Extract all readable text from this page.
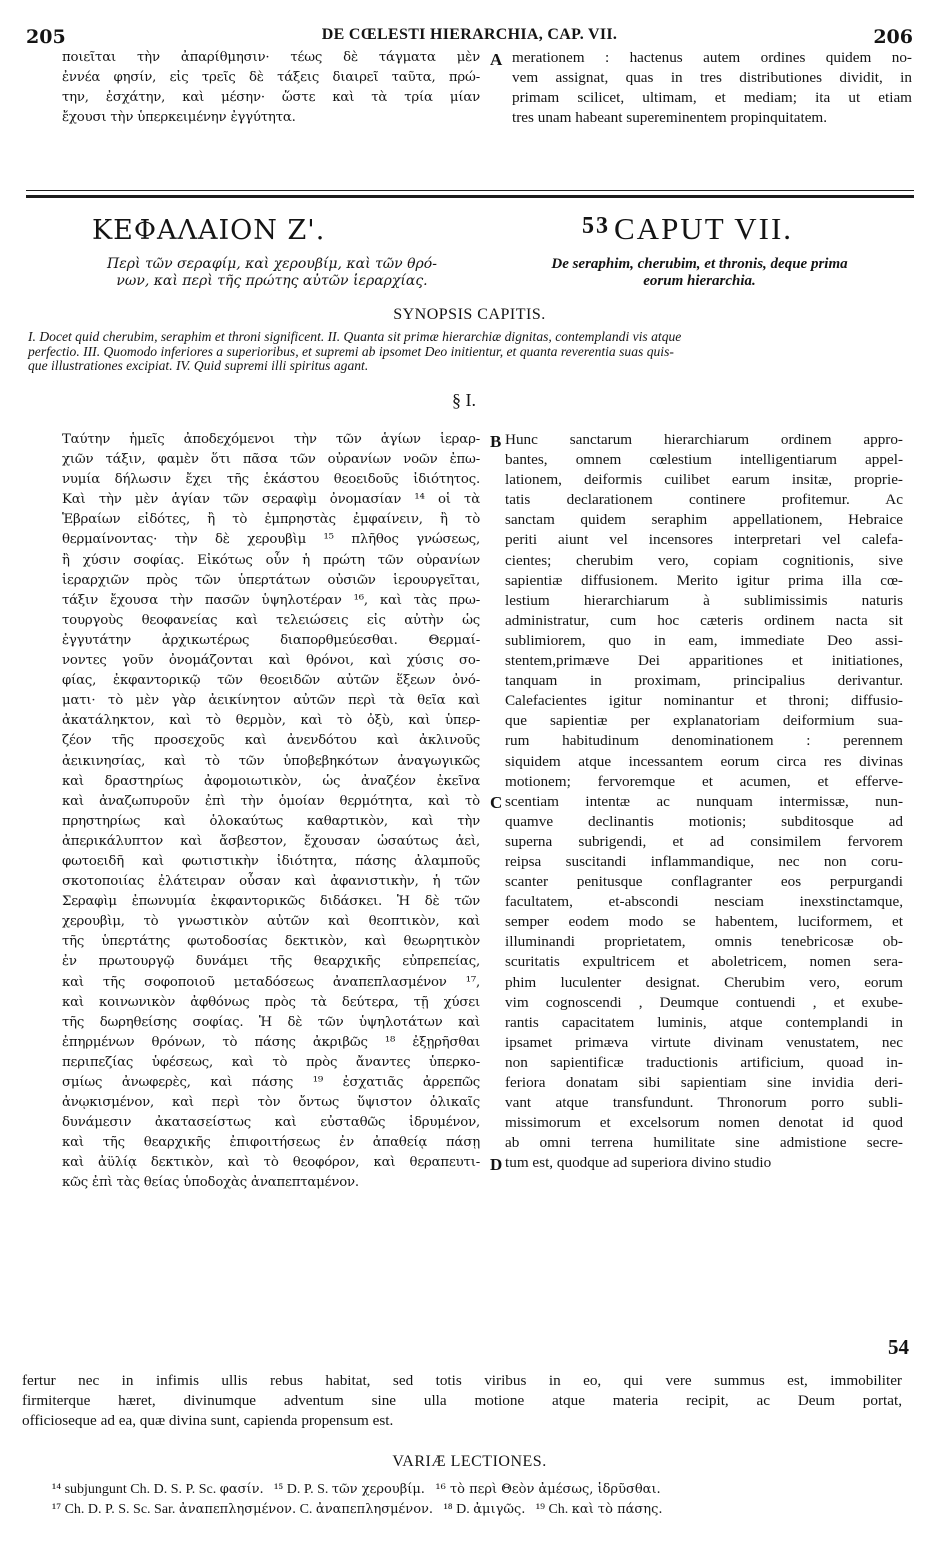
205	DE CŒLESTI HIERARCHIA, CAP. VII.	206
ποιεῖται τὴν ἀπαρίθμησιν· τέως δὲ τάγματα μὲν
ἐννέα φησίν, εἰς τρεῖς δὲ τάξεις διαιρεῖ ταῦτα, πρώ-
την, ἐσχάτην, καὶ μέσην· ὥστε καὶ τὰ τρία μίαν
ἔχουσι τὴν ὑπερκειμένην ἐγγύτητα.
A merationem : hactenus autem ordines quidem no-
vem assignat, quas in tres distributiones dividit, in
primam scilicet, ultimam, et mediam; ita ut etiam
tres unam habeant supereminentem propinquitatem.
ΚΕΦΑΛΑΙΟΝ Ζ'.	53 CAPUT VII.
Περὶ τῶν σεραφίμ, καὶ χερουβίμ, καὶ τῶν θρό-
νων, καὶ περὶ τῆς πρώτης αὐτῶν ἱεραρχίας.
De seraphim, cherubim, et thronis, deque prima
eorum hierarchia.
SYNOPSIS CAPITIS.
I. Docet quid cherubim, seraphim et throni significent. II. Quanta sit primæ hierarchiæ dignitas, contemplandi vis atque
perfectio. III. Quomodo inferiores a superioribus, et supremi ab ipsomet Deo initientur, et quanta reverentia suas quis-
que illustrationes excipiat. IV. Quid supremi illi spiritus agant.
§ I.
Ταύτην ἡμεῖς ἀποδεχόμενοι τὴν τῶν ἁγίων ἱεραρ-
χιῶν τάξιν, φαμὲν ὅτι πᾶσα τῶν οὐρανίων νοῶν ἐπω-
νυμία δήλωσιν ἔχει τῆς ἑκάστου θεοειδοῦς ἰδιότητος.
Καὶ τὴν μὲν ἁγίαν τῶν σεραφὶμ ὀνομασίαν ¹⁴ οἱ τὰ
Ἑβραίων εἰδότες, ἢ τὸ ἐμπρηστὰς ἐμφαίνειν, ἢ τὸ
θερμαίνοντας· τὴν δὲ χερουβὶμ ¹⁵ πλῆθος γνώσεως,
ἢ χύσιν σοφίας. Εἰκότως οὖν ἡ πρώτη τῶν οὐρανίων
ἱεραρχιῶν πρὸς τῶν ὑπερτάτων οὐσιῶν ἱερουργεῖται,
τάξιν ἔχουσα τὴν πασῶν ὑψηλοτέραν ¹⁶, καὶ τὰς πρω-
τουργοὺς θεοφανείας καὶ τελειώσεις εἰς αὐτὴν ὡς
ἐγγυτάτην ἀρχικωτέρως διαπορθμεύεσθαι. Θερμαί-
νοντες γοῦν ὀνομάζονται καὶ θρόνοι, καὶ χύσις σο-
φίας, ἐκφαντορικῷ τῶν θεοειδῶν αὐτῶν ἕξεων ὀνό-
ματι· τὸ μὲν γὰρ ἀεικίνητον αὐτῶν περὶ τὰ θεῖα καὶ
ἀκατάληκτον, καὶ τὸ θερμὸν, καὶ τὸ ὀξὺ, καὶ ὑπερ-
ζέον τῆς προσεχοῦς καὶ ἀνενδότου καὶ ἀκλινοῦς
ἀεικινησίας, καὶ τὸ τῶν ὑποβεβηκότων ἀναγωγικῶς
καὶ δραστηρίως ἀφομοιωτικὸν, ὡς ἀναζέον ἐκεῖνα
καὶ ἀναζωπυροῦν ἐπὶ τὴν ὁμοίαν θερμότητα, καὶ τὸ
πρηστηρίως καὶ ὁλοκαύτως καθαρτικὸν, καὶ τὴν
ἀπερικάλυπτον καὶ ἄσβεστον, ἔχουσαν ὡσαύτως ἀεὶ,
φωτοειδῆ καὶ φωτιστικὴν ἰδιότητα, πάσης ἀλαμποῦς
σκοτοποιίας ἐλάτειραν οὖσαν καὶ ἀφανιστικὴν, ἡ τῶν
Σεραφὶμ ἐπωνυμία ἐκφαντορικῶς διδάσκει. Ἡ δὲ τῶν
χερουβὶμ, τὸ γνωστικὸν αὐτῶν καὶ θεοπτικὸν, καὶ
τῆς ὑπερτάτης φωτοδοσίας δεκτικὸν, καὶ θεωρητικὸν
ἐν πρωτουργῷ δυνάμει τῆς θεαρχικῆς εὐπρεπείας,
καὶ τῆς σοφοποιοῦ μεταδόσεως ἀναπεπλασμένον ¹⁷,
καὶ κοινωνικὸν ἀφθόνως πρὸς τὰ δεύτερα, τῇ χύσει
τῆς δωρηθείσης σοφίας. Ἡ δὲ τῶν ὑψηλοτάτων καὶ
ἐπηρμένων θρόνων, τὸ πάσης ἀκριβῶς ¹⁸ ἐξῃρῆσθαι
περιπεζίας ὑφέσεως, καὶ τὸ πρὸς ἄναντες ὑπερκο-
σμίως ἀνωφερὲς, καὶ πάσης ¹⁹ ἐσχατιᾶς ἀρρεπῶς
ἀνῳκισμένον, καὶ περὶ τὸν ὄντως ὕψιστον ὁλικαῖς
δυνάμεσιν ἀκατασείστως καὶ εὐσταθῶς ἱδρυμένον,
καὶ τῆς θεαρχικῆς ἐπιφοιτήσεως ἐν ἀπαθείᾳ πάσῃ
καὶ ἀϋλίᾳ δεκτικὸν, καὶ τὸ θεοφόρον, καὶ θεραπευτι-
κῶς ἐπὶ τὰς θείας ὑποδοχὰς ἀναπεπταμένον.
B
C
D
Hunc sanctarum hierarchiarum ordinem appro-
bantes, omnem cœlestium intelligentiarum appel-
lationem, deiformis cuilibet earum insitæ, proprie-
tatis declarationem continere profitemur. Ac
sanctam quidem seraphim appellationem, Hebraice
periti aiunt vel incensores interpretari vel calefa-
cientes; cherubim vero, copiam cognitionis, sive
sapientiæ diffusionem. Merito igitur prima illa cœ-
lestium hierarchiarum à sublimissimis naturis
administratur, cum hoc cæteris ordinem nacta sit
sublimiorem, quo in eam, immediate Deo assi-
stentem,primæve Dei apparitiones et initiationes,
tanquam in proximam, principalius derivantur.
Calefacientes igitur nominantur et throni; diffusio-
que sapientiæ per explanatoriam deiformium sua-
rum habitudinum denominationem : perennem
siquidem atque incessantem eorum circa res divinas
motionem; fervoremque et acumen, et efferve-
scentiam intentæ ac nunquam intermissæ, nun-
quamve declinantis motionis; subditosque ad
superna subrigendi, et ad consimilem fervorem
reipsa suscitandi inflammandique, nec non coru-
scanter penitusque conflagranter eos perpurgandi
facultatem, et-abscondi nesciam inexstinctamque,
semper eodem modo se habentem, luciformem, et
illuminandi proprietatem, omnis tenebricosæ ob-
scuritatis expultricem et aboletricem, nomen sera-
phim luculenter designat. Cherubim vero, eorum
vim cognoscendi , Deumque contuendi , et exube-
rantis capacitatem luminis, atque contemplandi in
ipsamet primæva virtute divinam venustatem, nec
non sapientificæ traductionis artificium, quoad in-
feriora donatam sibi sapientiam sine invidia deri-
vant atque transfundunt. Thronorum porro subli-
missimorum et excelsorum nomen denotat id quod
ab omni terrena humilitate sine admistione secre-
tum est, quodque ad superiora divino studio
54
fertur nec in infimis ullis rebus habitat, sed totis viribus in eo, qui vere summus est, immobiliter
firmiterque hæret, divinumque adventum sine ulla motione atque materia recipit, ac Deum portat,
officioseque ad ea, quæ divina sunt, capienda propensum est.
VARIÆ LECTIONES.
¹⁴ subjungunt Ch. D. S. P. Sc. φασίν. ¹⁵ D. P. S. τῶν χερουβίμ. ¹⁶ τὸ περὶ Θεὸν ἀμέσως, ἱδρῦσθαι.
¹⁷ Ch. D. P. S. Sc. Sar. ἀναπεπλησμένον. C. ἀναπεπλησμένον. ¹⁸ D. ἀμιγῶς. ¹⁹ Ch. καὶ τὸ πάσης.
